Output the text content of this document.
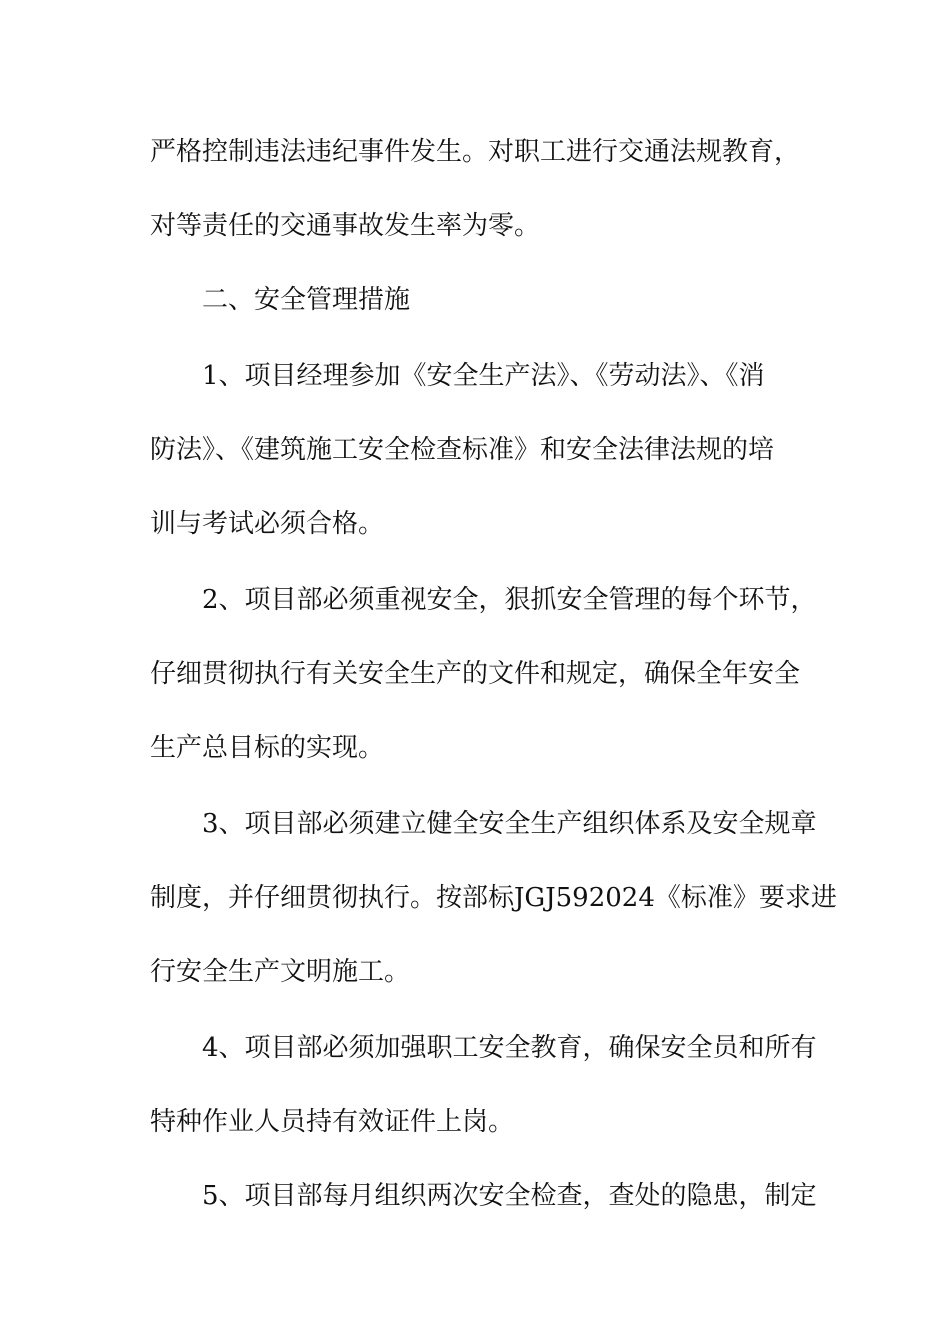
严格控制违法违纪事件发生。对职工进行交通法规教育，
对等责任的交通事故发生率为零。
二、安全管理措施
1、项目经理参加《安全生产法》、《劳动法》、《消
防法》、《建筑施工安全检查标准》和安全法律法规的培
训与考试必须合格。
2、项目部必须重视安全，狠抓安全管理的每个环节，
仔细贯彻执行有关安全生产的文件和规定，确保全年安全
生产总目标的实现。
3、项目部必须建立健全安全生产组织体系及安全规章
制度，并仔细贯彻执行。按部标JGJ592024《标准》要求进
行安全生产文明施工。
4、项目部必须加强职工安全教育，确保安全员和所有
特种作业人员持有效证件上岗。
5、项目部每月组织两次安全检查，查处的隐患，制定
